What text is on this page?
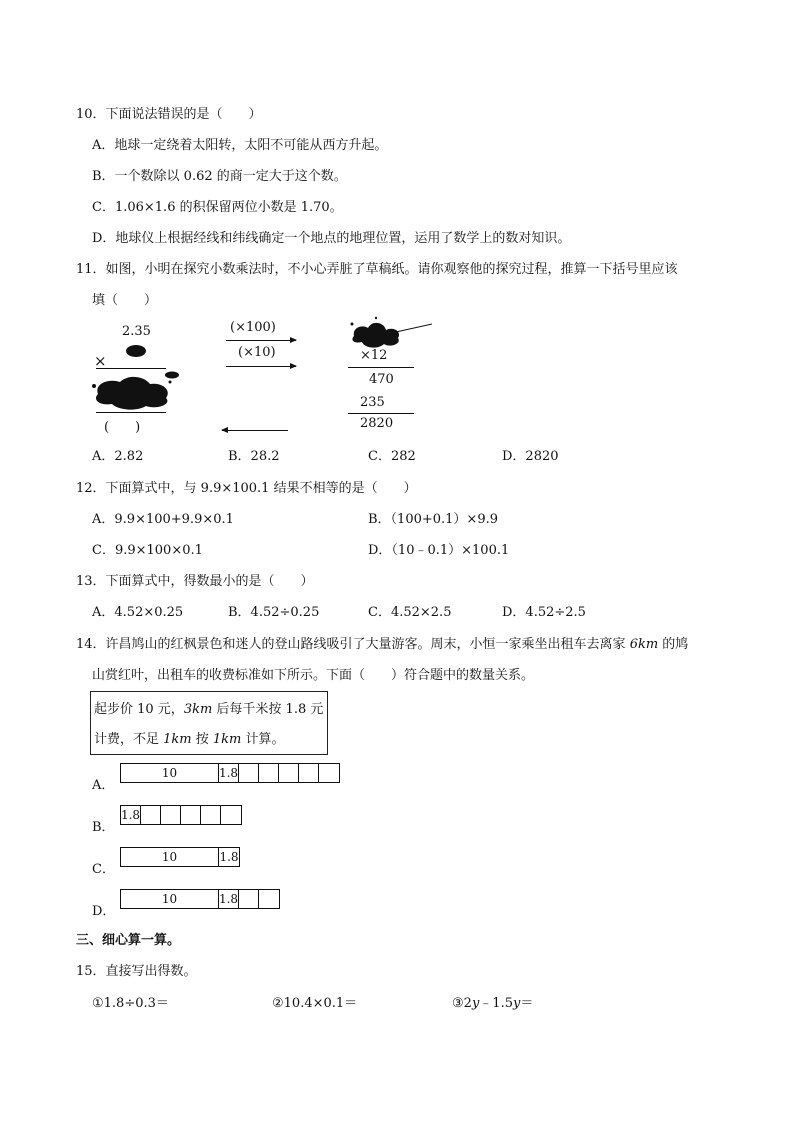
10．下面说法错误的是（　　）
A．地球一定绕着太阳转，太阳不可能从西方升起。
B．一个数除以 0.62 的商一定大于这个数。
C．1.06×1.6 的积保留两位小数是 1.70。
D．地球仪上根据经线和纬线确定一个地点的地理位置，运用了数学上的数对知识。
11．如图，小明在探究小数乘法时，不小心弄脏了草稿纸。请你观察他的探究过程，推算一下括号里应该
填（　　）
2.35
×
(　　)
(×100)
(×10)	×12
470
235
2820
A．2.82	B．28.2	C．282	D．2820
12．下面算式中，与 9.9×100.1 结果不相等的是（　　）
A．9.9×100+9.9×0.1	B．（100+0.1）×9.9
C．9.9×100×0.1	D．（10﹣0.1）×100.1
13．下面算式中，得数最小的是（　　）
A．4.52×0.25	B．4.52÷0.25	C．4.52×2.5	D．4.52÷2.5
14．许昌鸠山的红枫景色和迷人的登山路线吸引了大量游客。周末，小恒一家乘坐出租车去离家 6km 的鸠
山赏红叶，出租车的收费标准如下所示。下面（　　）符合题中的数量关系。
起步价 10 元，3km 后每千米按 1.8 元
计费，不足 1km 按 1km 计算。
A．
10	1.8
B．
1.8
C．
10	1.8
D．
10	1.8
三、细心算一算。
15．直接写出得数。
①1.8÷0.3＝	②10.4×0.1＝	③2y﹣1.5y＝
